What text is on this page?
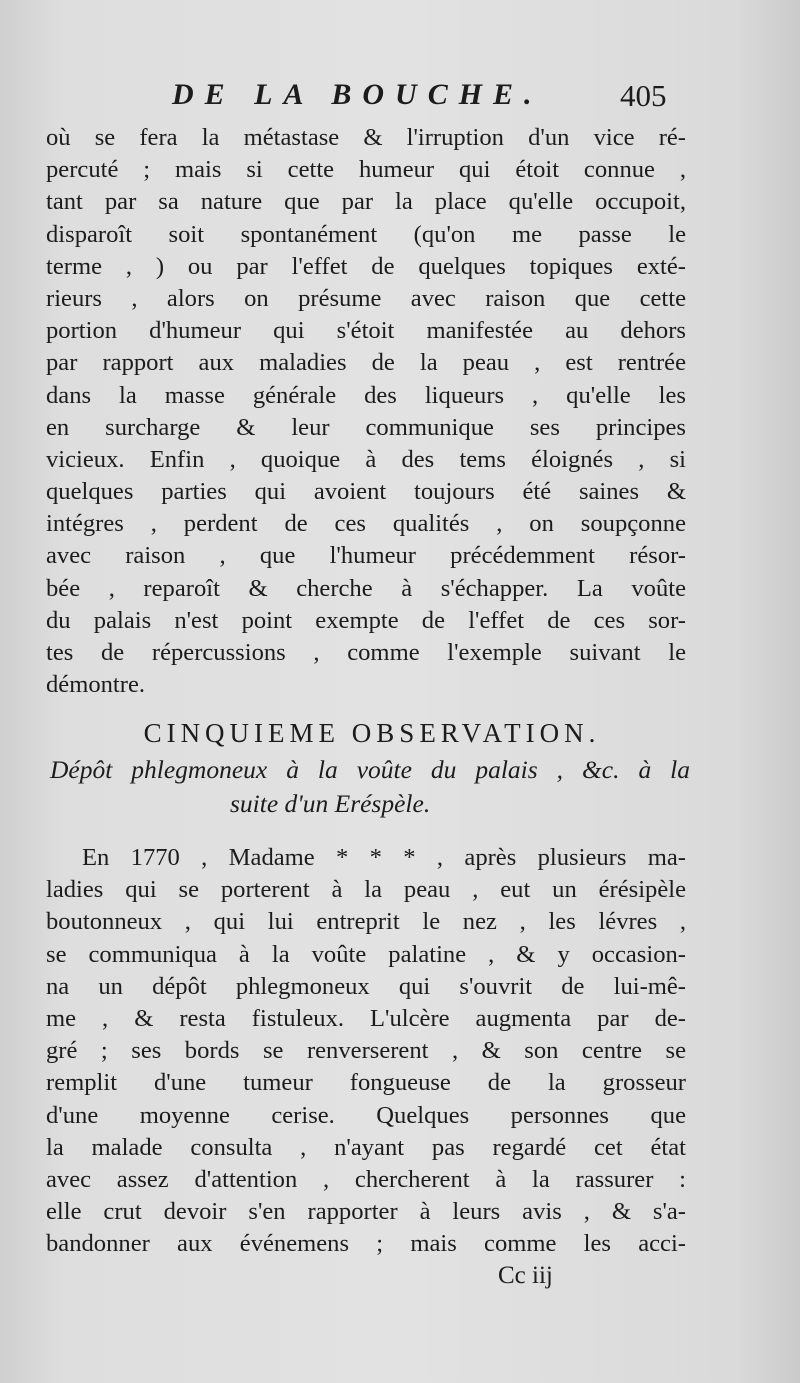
DE LA BOUCHE. 405
où se fera la métastase & l'irruption d'un vice ré-
percuté ; mais si cette humeur qui étoit connue ,
tant par sa nature que par la place qu'elle occupoit,
disparoît soit spontanément (qu'on me passe le
terme , ) ou par l'effet de quelques topiques exté-
rieurs , alors on présume avec raison que cette
portion d'humeur qui s'étoit manifestée au dehors
par rapport aux maladies de la peau , est rentrée
dans la masse générale des liqueurs , qu'elle les
en surcharge & leur communique ses principes
vicieux. Enfin , quoique à des tems éloignés , si
quelques parties qui avoient toujours été saines &
intégres , perdent de ces qualités , on soupçonne
avec raison , que l'humeur précédemment résor-
bée , reparoît & cherche à s'échapper. La voûte
du palais n'est point exempte de l'effet de ces sor-
tes de répercussions , comme l'exemple suivant le
démontre.
CINQUIEME OBSERVATION.
Dépôt phlegmoneux à la voûte du palais , &c. à la
suite d'un Eréspèle.
En 1770 , Madame * * * , après plusieurs ma-
ladies qui se porterent à la peau , eut un érésipèle
boutonneux , qui lui entreprit le nez , les lévres ,
se communiqua à la voûte palatine , & y occasion-
na un dépôt phlegmoneux qui s'ouvrit de lui-mê-
me , & resta fistuleux. L'ulcère augmenta par de-
gré ; ses bords se renverserent , & son centre se
remplit d'une tumeur fongueuse de la grosseur
d'une moyenne cerise. Quelques personnes que
la malade consulta , n'ayant pas regardé cet état
avec assez d'attention , chercherent à la rassurer :
elle crut devoir s'en rapporter à leurs avis , & s'a-
bandonner aux événemens ; mais comme les acci-
Cc iij
